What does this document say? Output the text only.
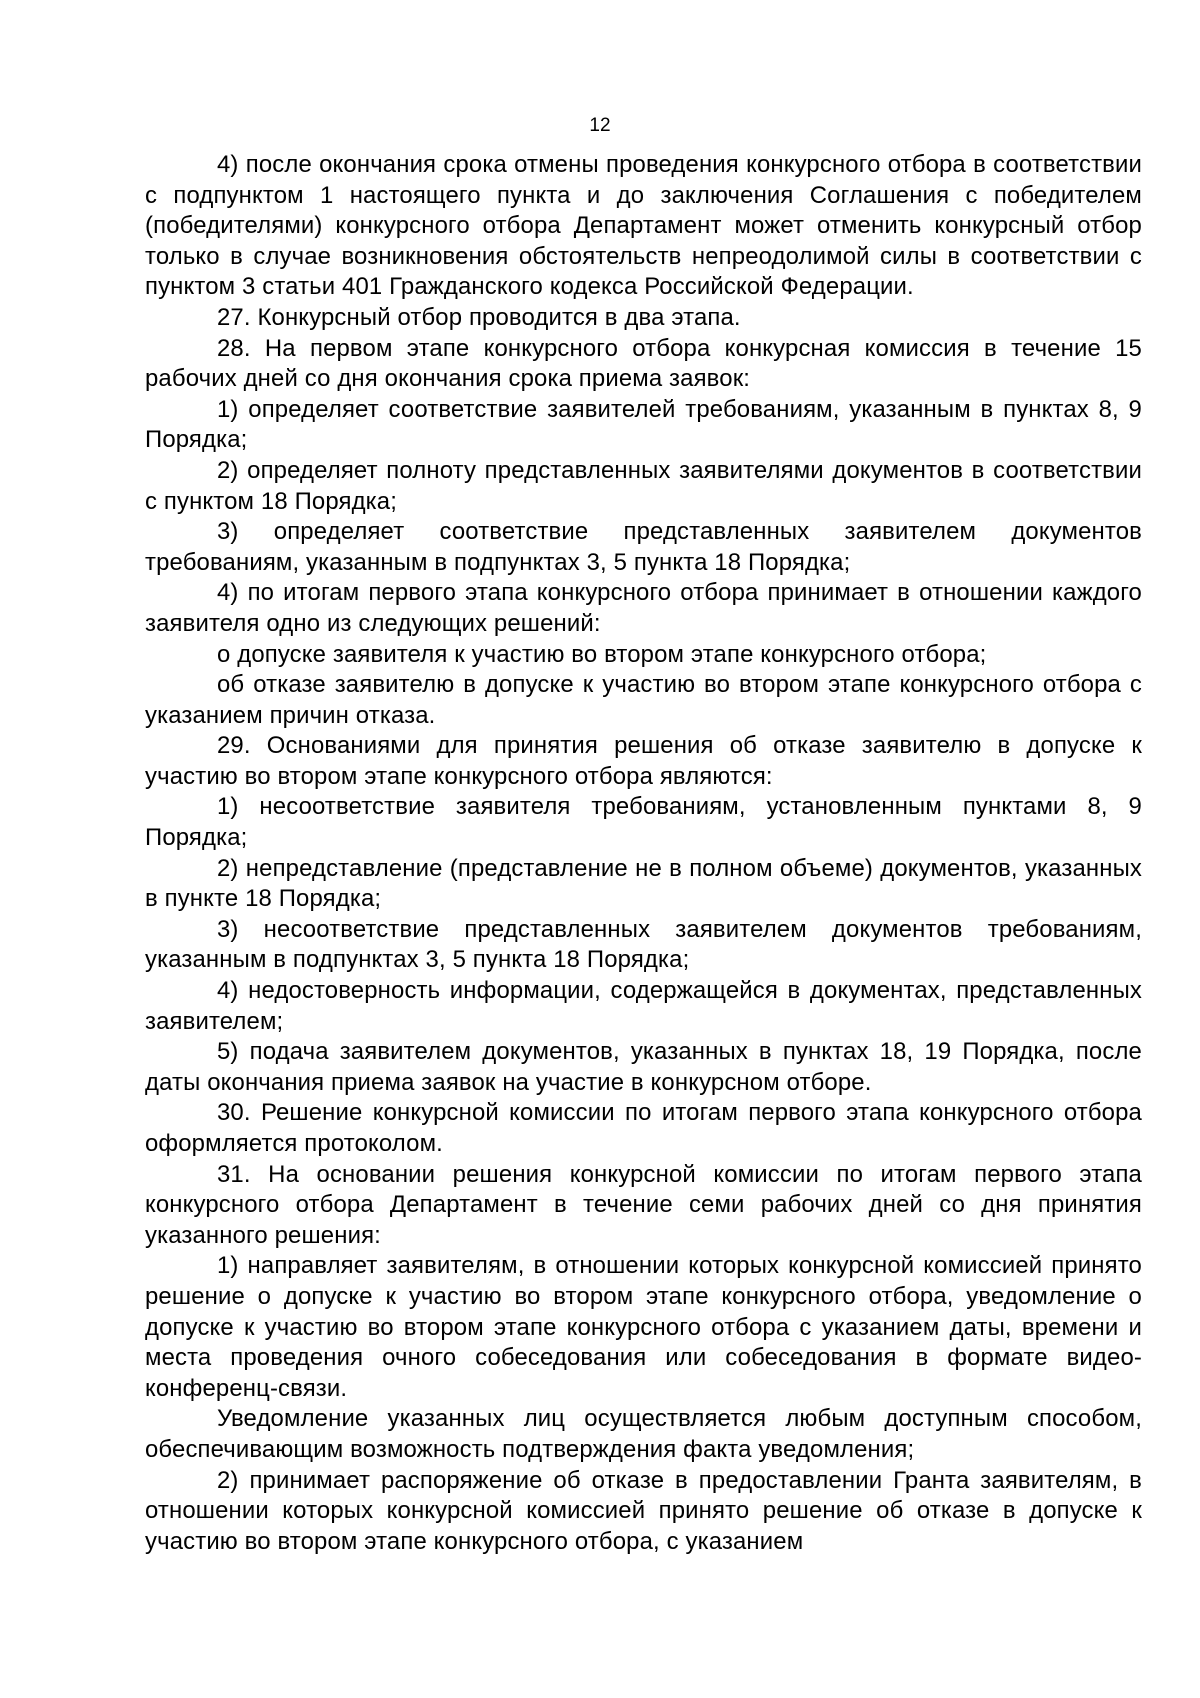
12

4) после окончания срока отмены проведения конкурсного отбора в соответствии с подпунктом 1 настоящего пункта и до заключения Соглашения с победителем (победителями) конкурсного отбора Департамент может отменить конкурсный отбор только в случае возникновения обстоятельств непреодолимой силы в соответствии с пунктом 3 статьи 401 Гражданского кодекса Российской Федерации.

27. Конкурсный отбор проводится в два этапа.

28. На первом этапе конкурсного отбора конкурсная комиссия в течение 15 рабочих дней со дня окончания срока приема заявок:

1) определяет соответствие заявителей требованиям, указанным в пунктах 8, 9 Порядка;

2) определяет полноту представленных заявителями документов в соответствии с пунктом 18 Порядка;

3) определяет соответствие представленных заявителем документов требованиям, указанным в подпунктах 3, 5 пункта 18 Порядка;

4) по итогам первого этапа конкурсного отбора принимает в отношении каждого заявителя одно из следующих решений:

о допуске заявителя к участию во втором этапе конкурсного отбора;

об отказе заявителю в допуске к участию во втором этапе конкурсного отбора с указанием причин отказа.

29. Основаниями для принятия решения об отказе заявителю в допуске к участию во втором этапе конкурсного отбора являются:

1) несоответствие заявителя требованиям, установленным пунктами 8, 9 Порядка;

2) непредставление (представление не в полном объеме) документов, указанных в пункте 18 Порядка;

3) несоответствие представленных заявителем документов требованиям, указанным в подпунктах 3, 5 пункта 18 Порядка;

4) недостоверность информации, содержащейся в документах, представленных заявителем;

5) подача заявителем документов, указанных в пунктах 18, 19 Порядка, после даты окончания приема заявок на участие в конкурсном отборе.

30. Решение конкурсной комиссии по итогам первого этапа конкурсного отбора оформляется протоколом.

31. На основании решения конкурсной комиссии по итогам первого этапа конкурсного отбора Департамент в течение семи рабочих дней со дня принятия указанного решения:

1) направляет заявителям, в отношении которых конкурсной комиссией принято решение о допуске к участию во втором этапе конкурсного отбора, уведомление о допуске к участию во втором этапе конкурсного отбора с указанием даты, времени и места проведения очного собеседования или собеседования в формате видео-конференц-связи.

Уведомление указанных лиц осуществляется любым доступным способом, обеспечивающим возможность подтверждения факта уведомления;

2) принимает распоряжение об отказе в предоставлении Гранта заявителям, в отношении которых конкурсной комиссией принято решение об отказе в допуске к участию во втором этапе конкурсного отбора, с указанием
